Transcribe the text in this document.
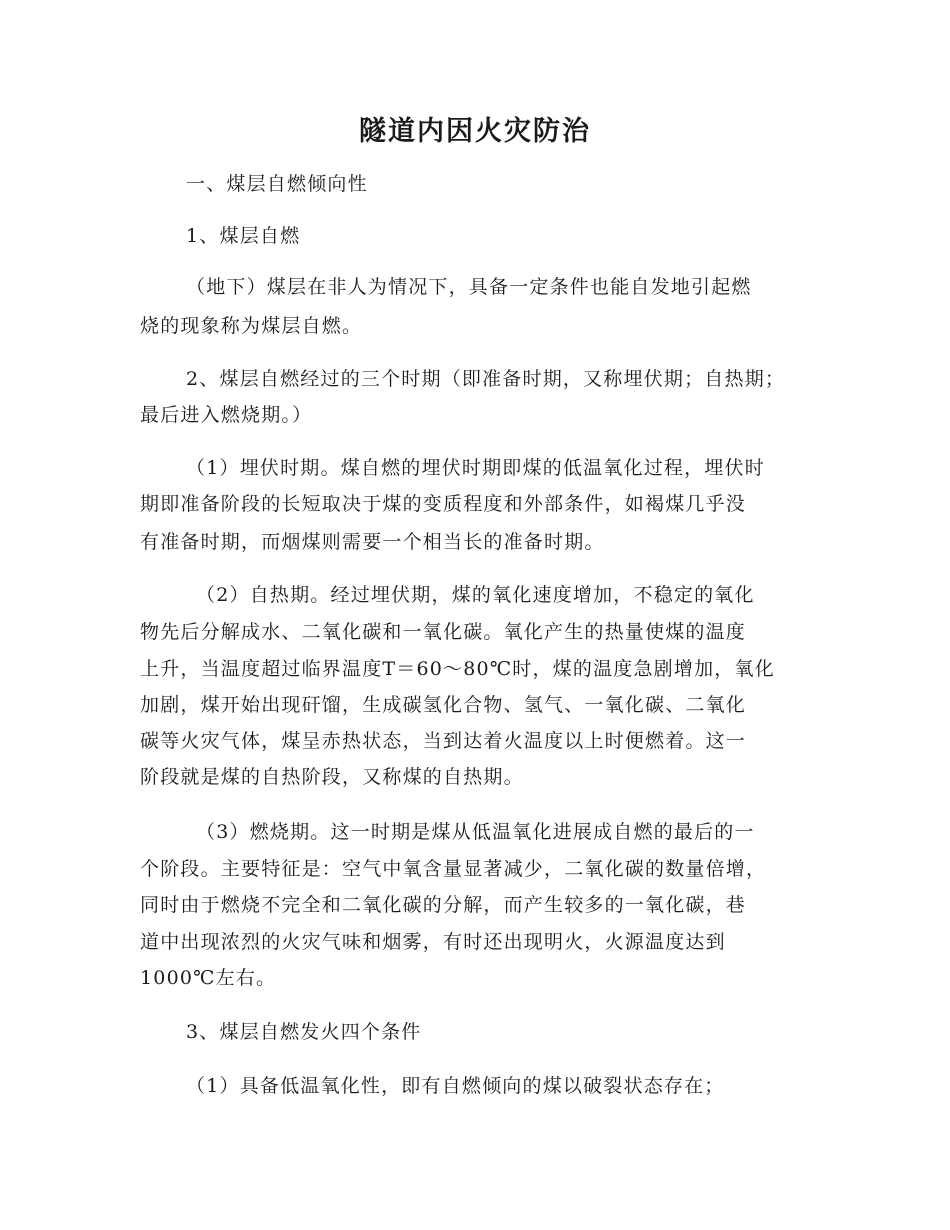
隧道内因火灾防治
一、煤层自燃倾向性
1、煤层自燃
（地下）煤层在非人为情况下，具备一定条件也能自发地引起燃
烧的现象称为煤层自燃。
2、煤层自燃经过的三个时期（即准备时期，又称埋伏期；自热期；
最后进入燃烧期。）
（1）埋伏时期。煤自燃的埋伏时期即煤的低温氧化过程，埋伏时
期即准备阶段的长短取决于煤的变质程度和外部条件，如褐煤几乎没
有准备时期，而烟煤则需要一个相当长的准备时期。
（2）自热期。经过埋伏期，煤的氧化速度增加，不稳定的氧化
物先后分解成水、二氧化碳和一氧化碳。氧化产生的热量使煤的温度
上升，当温度超过临界温度T＝60～80℃时，煤的温度急剧增加，氧化
加剧，煤开始出现矸馏，生成碳氢化合物、氢气、一氧化碳、二氧化
碳等火灾气体，煤呈赤热状态，当到达着火温度以上时便燃着。这一
阶段就是煤的自热阶段，又称煤的自热期。
（3）燃烧期。这一时期是煤从低温氧化进展成自燃的最后的一
个阶段。主要特征是：空气中氧含量显著减少，二氧化碳的数量倍增，
同时由于燃烧不完全和二氧化碳的分解，而产生较多的一氧化碳，巷
道中出现浓烈的火灾气味和烟雾，有时还出现明火，火源温度达到
1000℃左右。
3、煤层自燃发火四个条件
（1）具备低温氧化性，即有自燃倾向的煤以破裂状态存在；
